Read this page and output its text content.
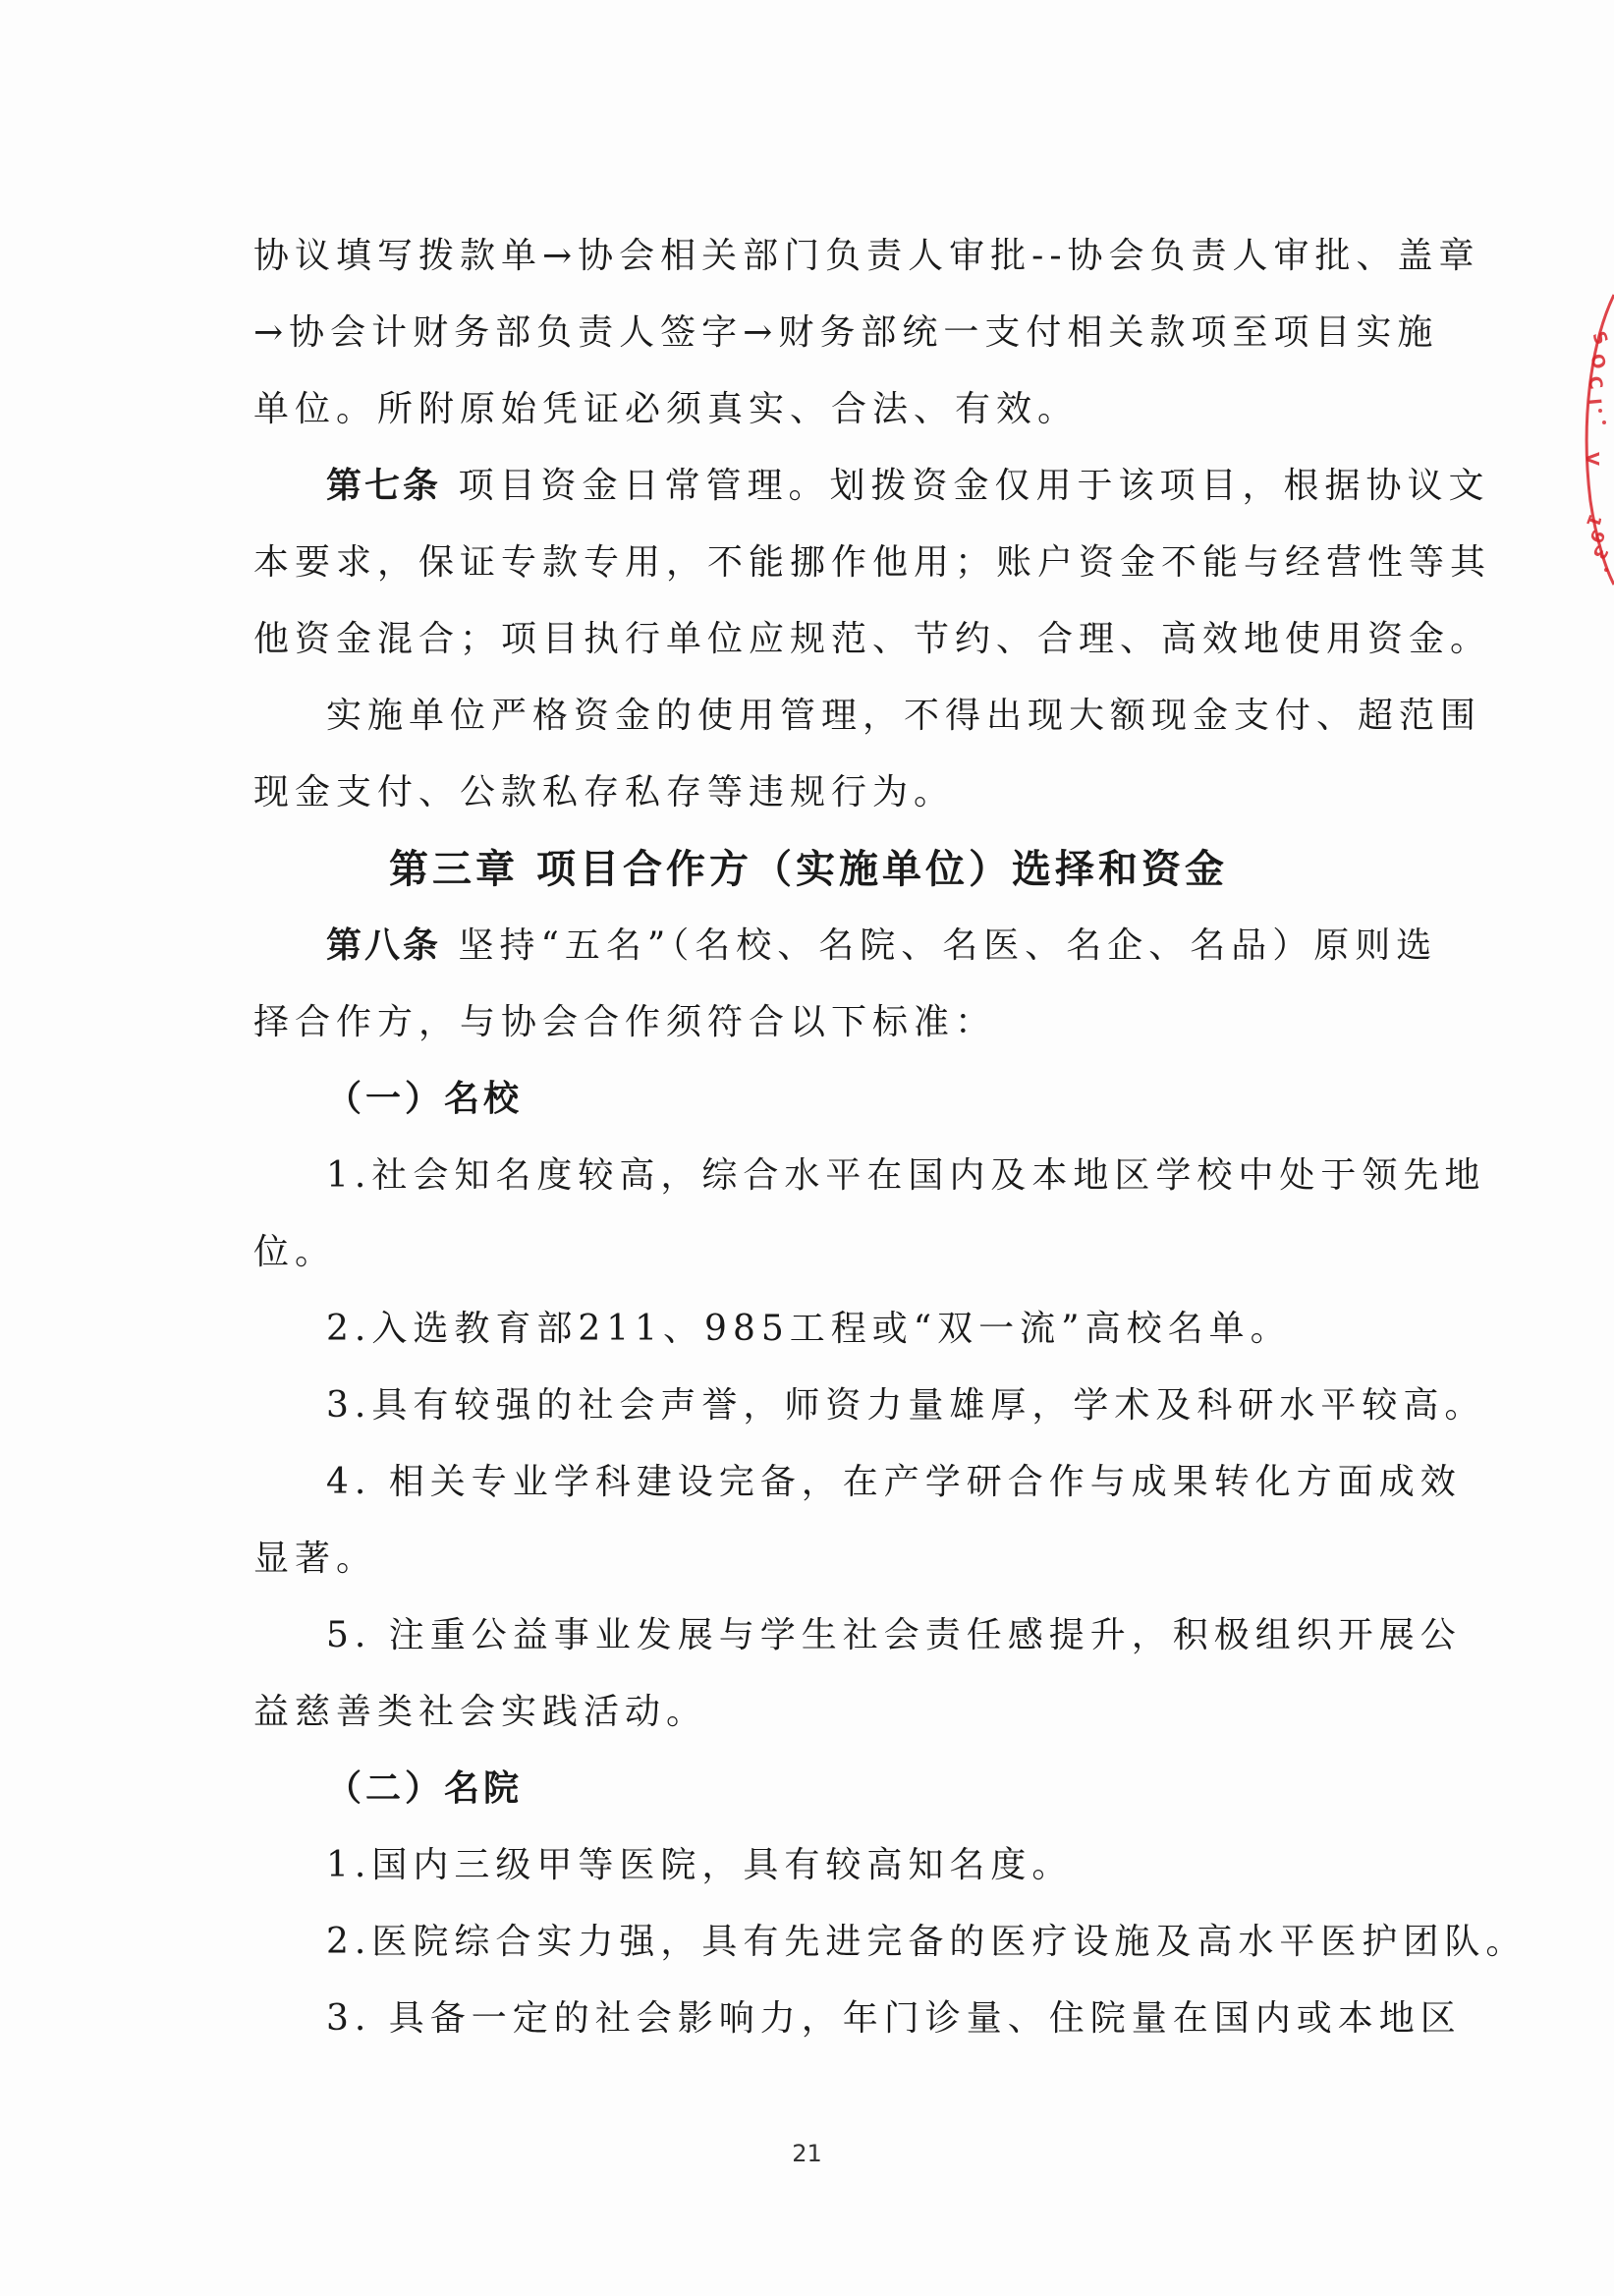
协议填写拨款单→协会相关部门负责人审批--协会负责人审批、盖章
→协会计财务部负责人签字→财务部统一支付相关款项至项目实施
单位。所附原始凭证必须真实、合法、有效。
第七条 项目资金日常管理。划拨资金仅用于该项目，根据协议文
本要求，保证专款专用，不能挪作他用；账户资金不能与经营性等其
他资金混合；项目执行单位应规范、节约、合理、高效地使用资金。
实施单位严格资金的使用管理，不得出现大额现金支付、超范围
现金支付、公款私存私存等违规行为。
第三章 项目合作方（实施单位）选择和资金
第八条 坚持“五名”（名校、名院、名医、名企、名品）原则选
择合作方，与协会合作须符合以下标准：
（一）名校
1.社会知名度较高，综合水平在国内及本地区学校中处于领先地
位。
2.入选教育部211、985工程或“双一流”高校名单。
3.具有较强的社会声誉，师资力量雄厚，学术及科研水平较高。
4. 相关专业学科建设完备，在产学研合作与成果转化方面成效
显著。
5. 注重公益事业发展与学生社会责任感提升，积极组织开展公
益慈善类社会实践活动。
（二）名院
1.国内三级甲等医院，具有较高知名度。
2.医院综合实力强，具有先进完备的医疗设施及高水平医护团队。
3. 具备一定的社会影响力，年门诊量、住院量在国内或本地区
S
O
C
I
V
1
9
3
21
